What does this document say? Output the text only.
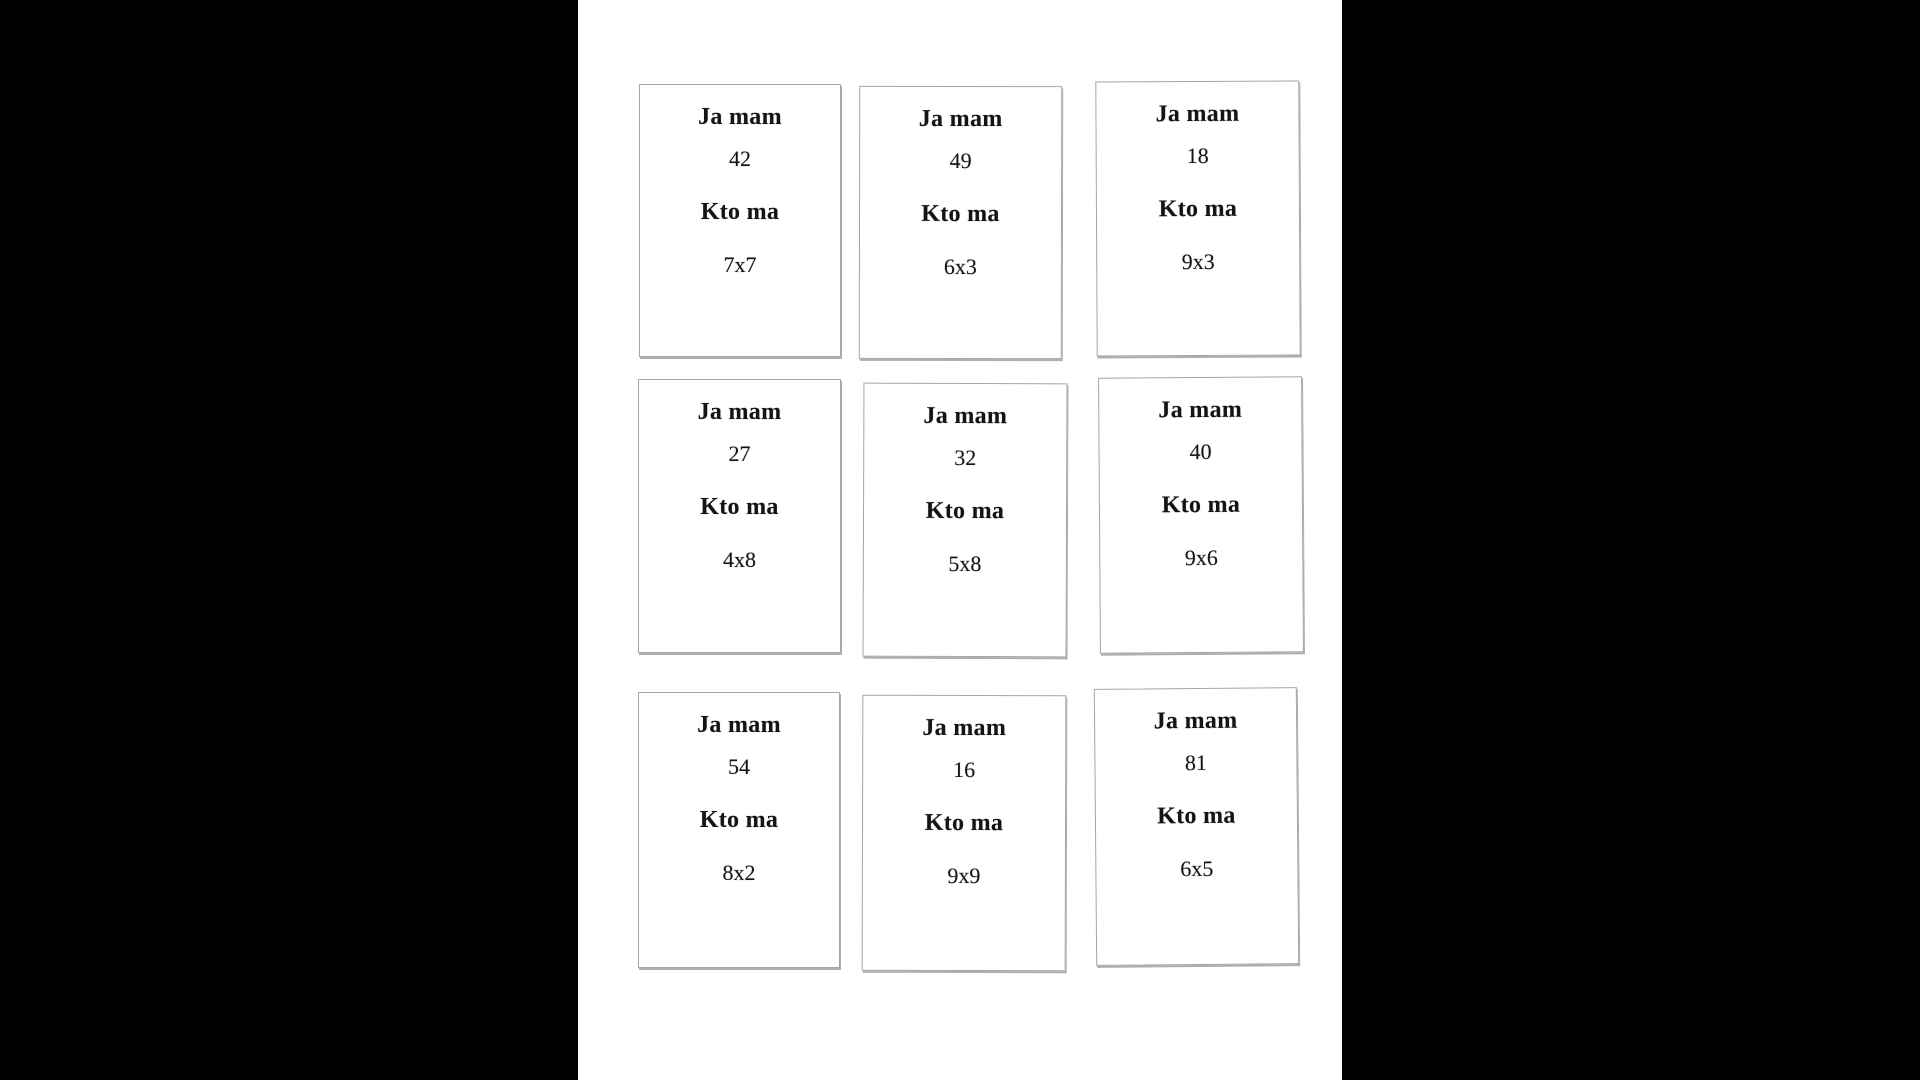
Ja mam

42

Kto ma

7x7

Ja mam

49

Kto ma

6x3

Ja mam

18

Kto ma

9x3

Ja mam

27

Kto ma

4x8

Ja mam

32

Kto ma

5x8

Ja mam

40

Kto ma

9x6

Ja mam

54

Kto ma

8x2

Ja mam

16

Kto ma

9x9

Ja mam

81

Kto ma

6x5
